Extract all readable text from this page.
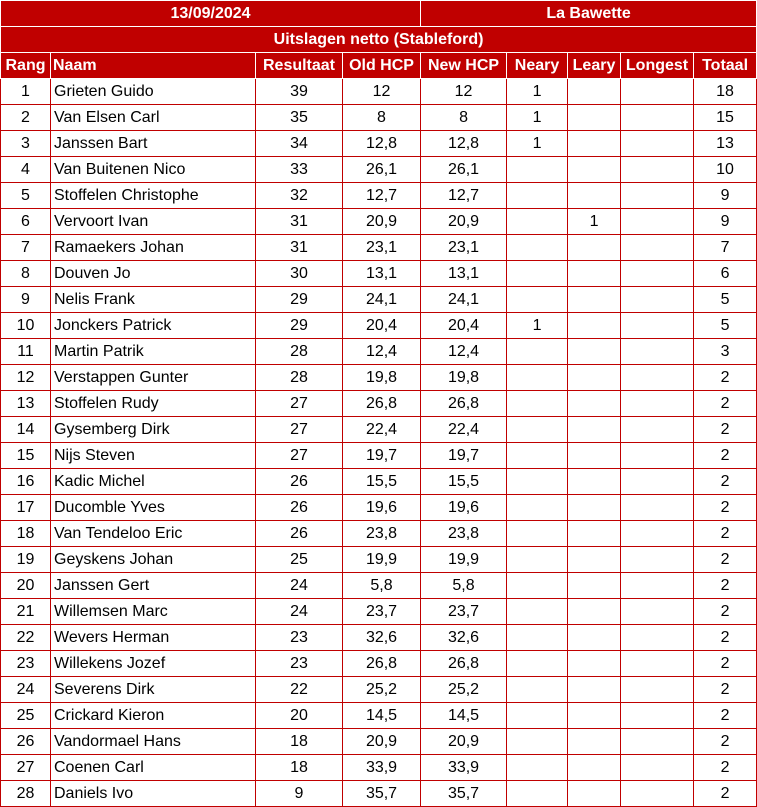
13/09/2024				La Bawette				
Uitslagen netto (Stableford)								
Rang	Naam	Resultaat	Old HCP	New HCP	Neary	Leary	Longest	Totaal
1	Grieten Guido	39	12	12	1			18
2	Van Elsen Carl	35	8	8	1			15
3	Janssen Bart	34	12,8	12,8	1			13
4	Van Buitenen Nico	33	26,1	26,1				10
5	Stoffelen Christophe	32	12,7	12,7				9
6	Vervoort Ivan	31	20,9	20,9		1		9
7	Ramaekers Johan	31	23,1	23,1				7
8	Douven Jo	30	13,1	13,1				6
9	Nelis Frank	29	24,1	24,1				5
10	Jonckers Patrick	29	20,4	20,4	1			5
11	Martin Patrik	28	12,4	12,4				3
12	Verstappen Gunter	28	19,8	19,8				2
13	Stoffelen Rudy	27	26,8	26,8				2
14	Gysemberg Dirk	27	22,4	22,4				2
15	Nijs Steven	27	19,7	19,7				2
16	Kadic Michel	26	15,5	15,5				2
17	Ducomble Yves	26	19,6	19,6				2
18	Van Tendeloo Eric	26	23,8	23,8				2
19	Geyskens Johan	25	19,9	19,9				2
20	Janssen Gert	24	5,8	5,8				2
21	Willemsen Marc	24	23,7	23,7				2
22	Wevers Herman	23	32,6	32,6				2
23	Willekens Jozef	23	26,8	26,8				2
24	Severens Dirk	22	25,2	25,2				2
25	Crickard Kieron	20	14,5	14,5				2
26	Vandormael Hans	18	20,9	20,9				2
27	Coenen Carl	18	33,9	33,9				2
28	Daniels Ivo	9	35,7	35,7				2
